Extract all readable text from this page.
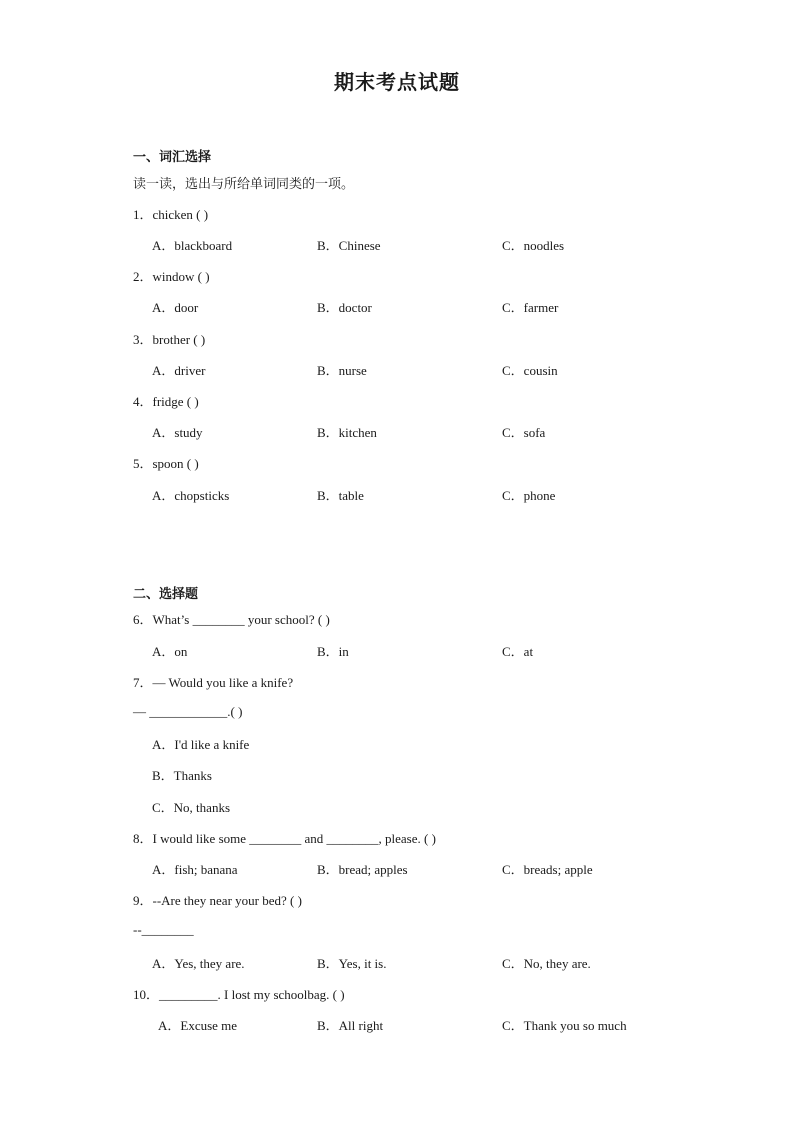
期末考点试题
一、词汇选择
读一读，选出与所给单词同类的一项。
1．chicken ( )
A．blackboard	B．Chinese	C．noodles
2．window ( )
A．door	B．doctor	C．farmer
3．brother ( )
A．driver	B．nurse	C．cousin
4．fridge ( )
A．study	B．kitchen	C．sofa
5．spoon ( )
A．chopsticks	B．table	C．phone
二、选择题
6．What’s ________ your school? ( )
A．on	B．in	C．at
7．— Would you like a knife?
— ____________.( )
A．I'd like a knife
B．Thanks
C．No, thanks
8．I would like some ________ and ________, please. ( )
A．fish; banana	B．bread; apples	C．breads; apple
9．--Are they near your bed? ( )
--________
A．Yes, they are.	B．Yes, it is.	C．No, they are.
10．_________. I lost my schoolbag. ( )
A．Excuse me	B．All right	C．Thank you so much
